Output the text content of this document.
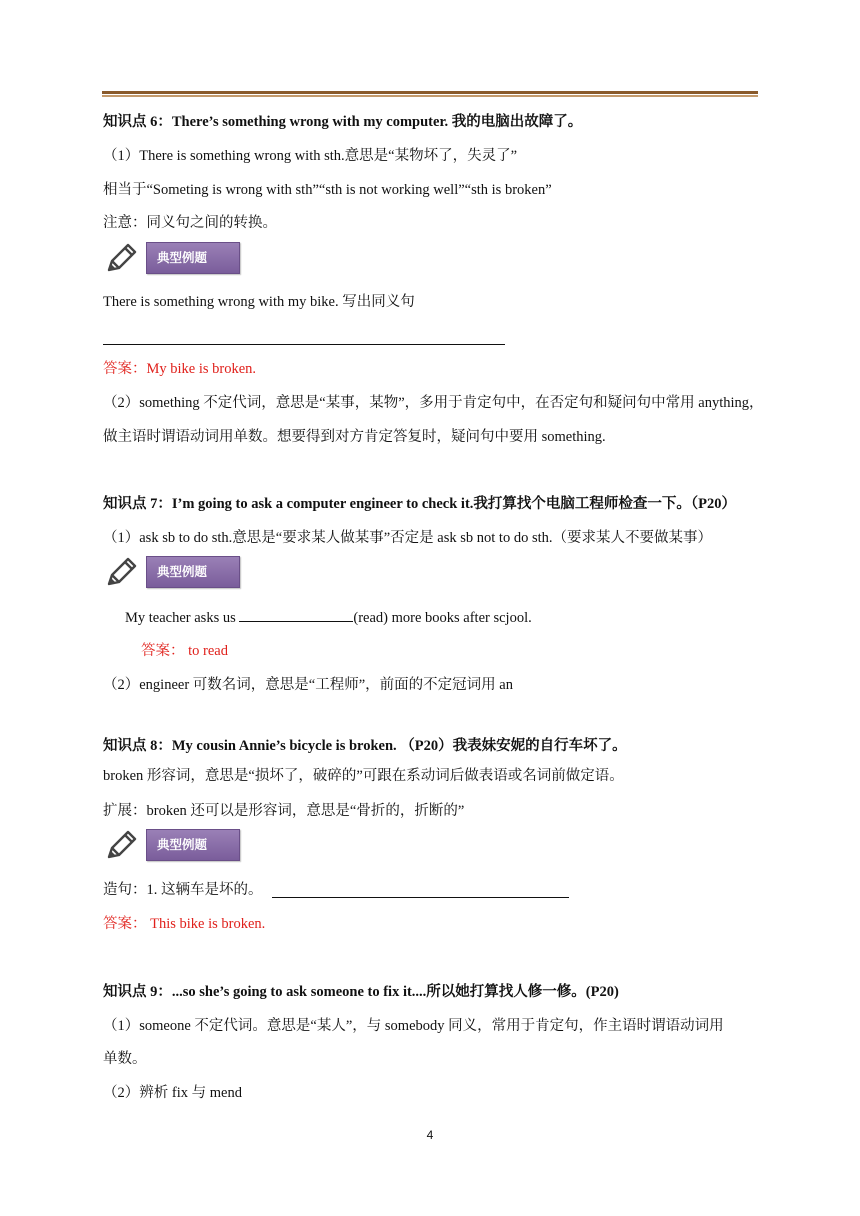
知识点 6：There’s something wrong with my computer. 我的电脑出故障了。
（1）There is something wrong with sth.意思是“某物坏了，失灵了”
相当于“Someting is wrong with sth”“sth is not working well”“sth is broken”
注意：同义句之间的转换。
典型例题
There is something wrong with my bike. 写出同义句
答案：My bike is broken.
（2）something 不定代词，意思是“某事，某物”，多用于肯定句中，在否定句和疑问句中常用 anything，
做主语时谓语动词用单数。想要得到对方肯定答复时，疑问句中要用 something.
知识点 7：I’m going to ask a computer engineer to check it.我打算找个电脑工程师检查一下。（P20）
（1）ask sb to do sth.意思是“要求某人做某事”否定是 ask sb not to do sth.（要求某人不要做某事）
典型例题
My teacher asks us	(read) more books after scjool.
答案： to read
（2）engineer 可数名词，意思是“工程师”，前面的不定冠词用 an
知识点 8：My cousin Annie’s bicycle is broken. （P20）我表妹安妮的自行车坏了。
broken 形容词，意思是“损坏了，破碎的”可跟在系动词后做表语或名词前做定语。
扩展：broken 还可以是形容词，意思是“骨折的，折断的”
典型例题
造句：1. 这辆车是坏的。
答案： This bike is broken.
知识点 9：...so she’s going to ask someone to fix it....所以她打算找人修一修。(P20)
（1）someone 不定代词。意思是“某人”，与 somebody 同义，常用于肯定句，作主语时谓语动词用
单数。
（2）辨析 fix 与 mend
4
